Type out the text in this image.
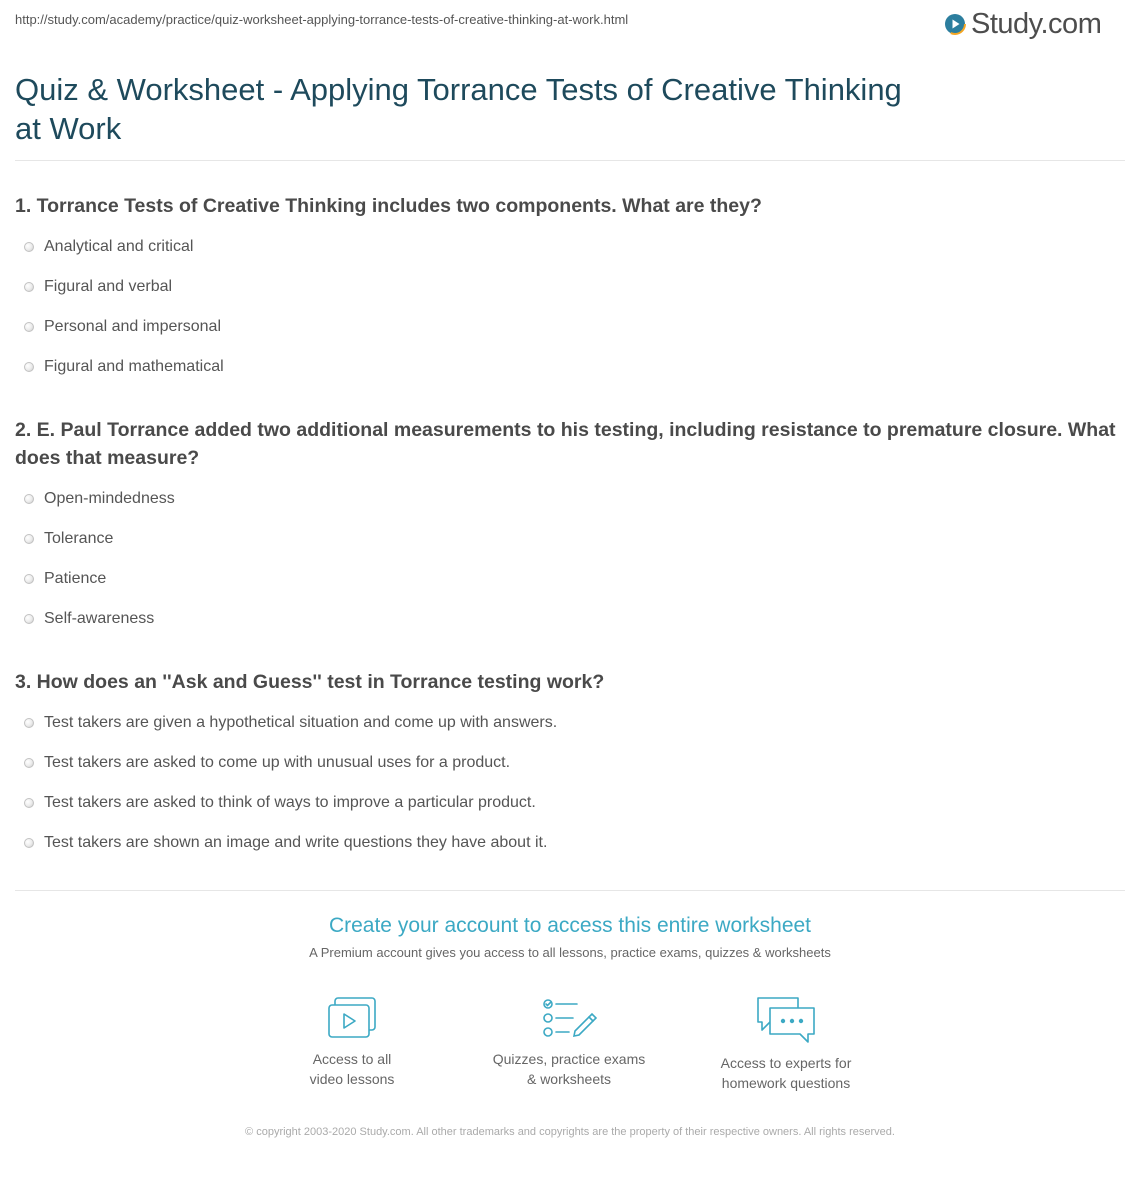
http://study.com/academy/practice/quiz-worksheet-applying-torrance-tests-of-creative-thinking-at-work.html	Study.com
Quiz & Worksheet - Applying Torrance Tests of Creative Thinking at Work

1. Torrance Tests of Creative Thinking includes two components. What are they?

Analytical and critical
Figural and verbal
Personal and impersonal
Figural and mathematical

2. E. Paul Torrance added two additional measurements to his testing, including resistance to premature closure. What does that measure?

Open-mindedness
Tolerance
Patience
Self-awareness

3. How does an ''Ask and Guess'' test in Torrance testing work?

Test takers are given a hypothetical situation and come up with answers.
Test takers are asked to come up with unusual uses for a product.
Test takers are asked to think of ways to improve a particular product.
Test takers are shown an image and write questions they have about it.
Create your account to access this entire worksheet
A Premium account gives you access to all lessons, practice exams, quizzes & worksheets
Access to all
video lessons
Quizzes, practice exams
& worksheets
Access to experts for
homework questions
© copyright 2003-2020 Study.com. All other trademarks and copyrights are the property of their respective owners. All rights reserved.
